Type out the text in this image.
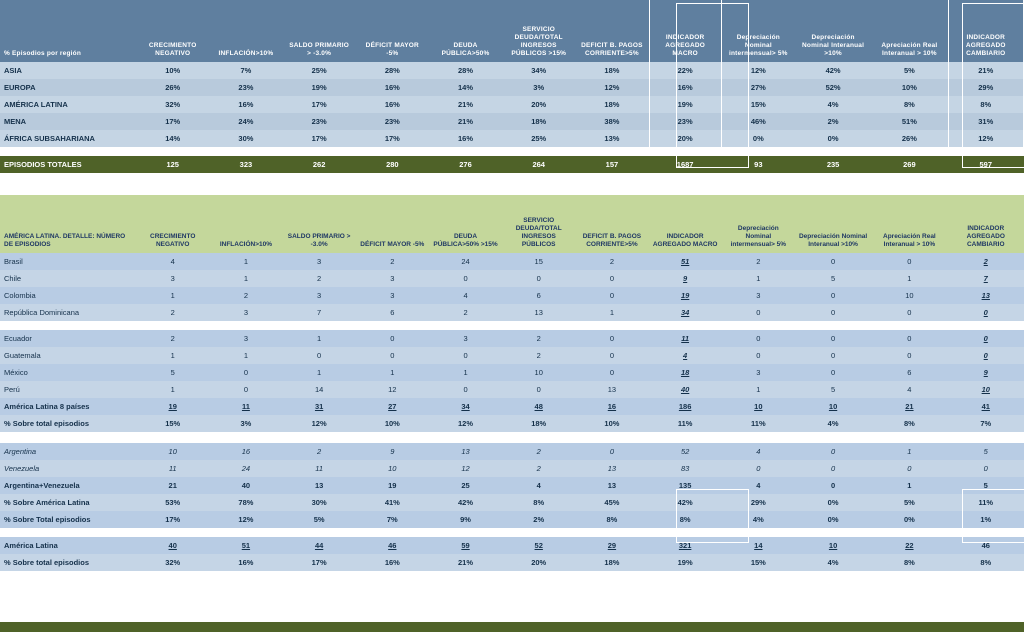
% Episodios por región	CRECIMIENTO NEGATIVO	INFLACIÓN>10%	SALDO PRIMARIO > -3.0%	DÉFICIT MAYOR -5%	DEUDA PÚBLICA>50%	SERVICIO DEUDA/TOTAL INGRESOS PÚBLICOS >15%	DEFICIT B. PAGOS CORRIENTE>5%	INDICADOR AGREGADO MACRO	Depreciación Nominal intermensual> 5%	Depreciación Nominal Interanual >10%	Apreciación Real Interanual > 10%	INDICADOR AGREGADO CAMBIARIO
ASIA	10%	7%	25%	28%	28%	34%	18%	22%	12%	42%	5%	21%
EUROPA	26%	23%	19%	16%	14%	3%	12%	16%	27%	52%	10%	29%
AMÉRICA LATINA	32%	16%	17%	16%	21%	20%	18%	19%	15%	4%	8%	8%
MENA	17%	24%	23%	23%	21%	18%	38%	23%	46%	2%	51%	31%
ÁFRICA SUBSAHARIANA	14%	30%	17%	17%	16%	25%	13%	20%	0%	0%	26%	12%

EPISODIOS TOTALES	125	323	262	280	276	264	157	1687	93	235	269	597

AMÉRICA LATINA. DETALLE: NÚMERO DE EPISODIOS	CRECIMIENTO NEGATIVO	INFLACIÓN>10%	SALDO PRIMARIO > -3.0%	DÉFICIT MAYOR -5%	DEUDA PÚBLICA>50% >15%	SERVICIO DEUDA/TOTAL INGRESOS PÚBLICOS	DEFICIT B. PAGOS CORRIENTE>5%	INDICADOR AGREGADO MACRO	Depreciación Nominal intermensual> 5%	Depreciación Nominal Interanual >10%	Apreciación Real Interanual > 10%	INDICADOR AGREGADO CAMBIARIO
Brasil	4	1	3	2	24	15	2	51	2	0	0	2
Chile	3	1	2	3	0	0	0	9	1	5	1	7
Colombia	1	2	3	3	4	6	0	19	3	0	10	13
República Dominicana	2	3	7	6	2	13	1	34	0	0	0	0

Ecuador	2	3	1	0	3	2	0	11	0	0	0	0
Guatemala	1	1	0	0	0	2	0	4	0	0	0	0
México	5	0	1	1	1	10	0	18	3	0	6	9
Perú	1	0	14	12	0	0	13	40	1	5	4	10
América Latina 8 países	19	11	31	27	34	48	16	186	10	10	21	41
% Sobre total episodios	15%	3%	12%	10%	12%	18%	10%	11%	11%	4%	8%	7%

Argentina	10	16	2	9	13	2	0	52	4	0	1	5
Venezuela	11	24	11	10	12	2	13	83	0	0	0	0
Argentina+Venezuela	21	40	13	19	25	4	13	135	4	0	1	5
% Sobre América Latina	53%	78%	30%	41%	42%	8%	45%	42%	29%	0%	5%	11%
% Sobre Total episodios	17%	12%	5%	7%	9%	2%	8%	8%	4%	0%	0%	1%

América Latina	40	51	44	46	59	52	29	321	14	10	22	46
% Sobre total episodios	32%	16%	17%	16%	21%	20%	18%	19%	15%	4%	8%	8%
